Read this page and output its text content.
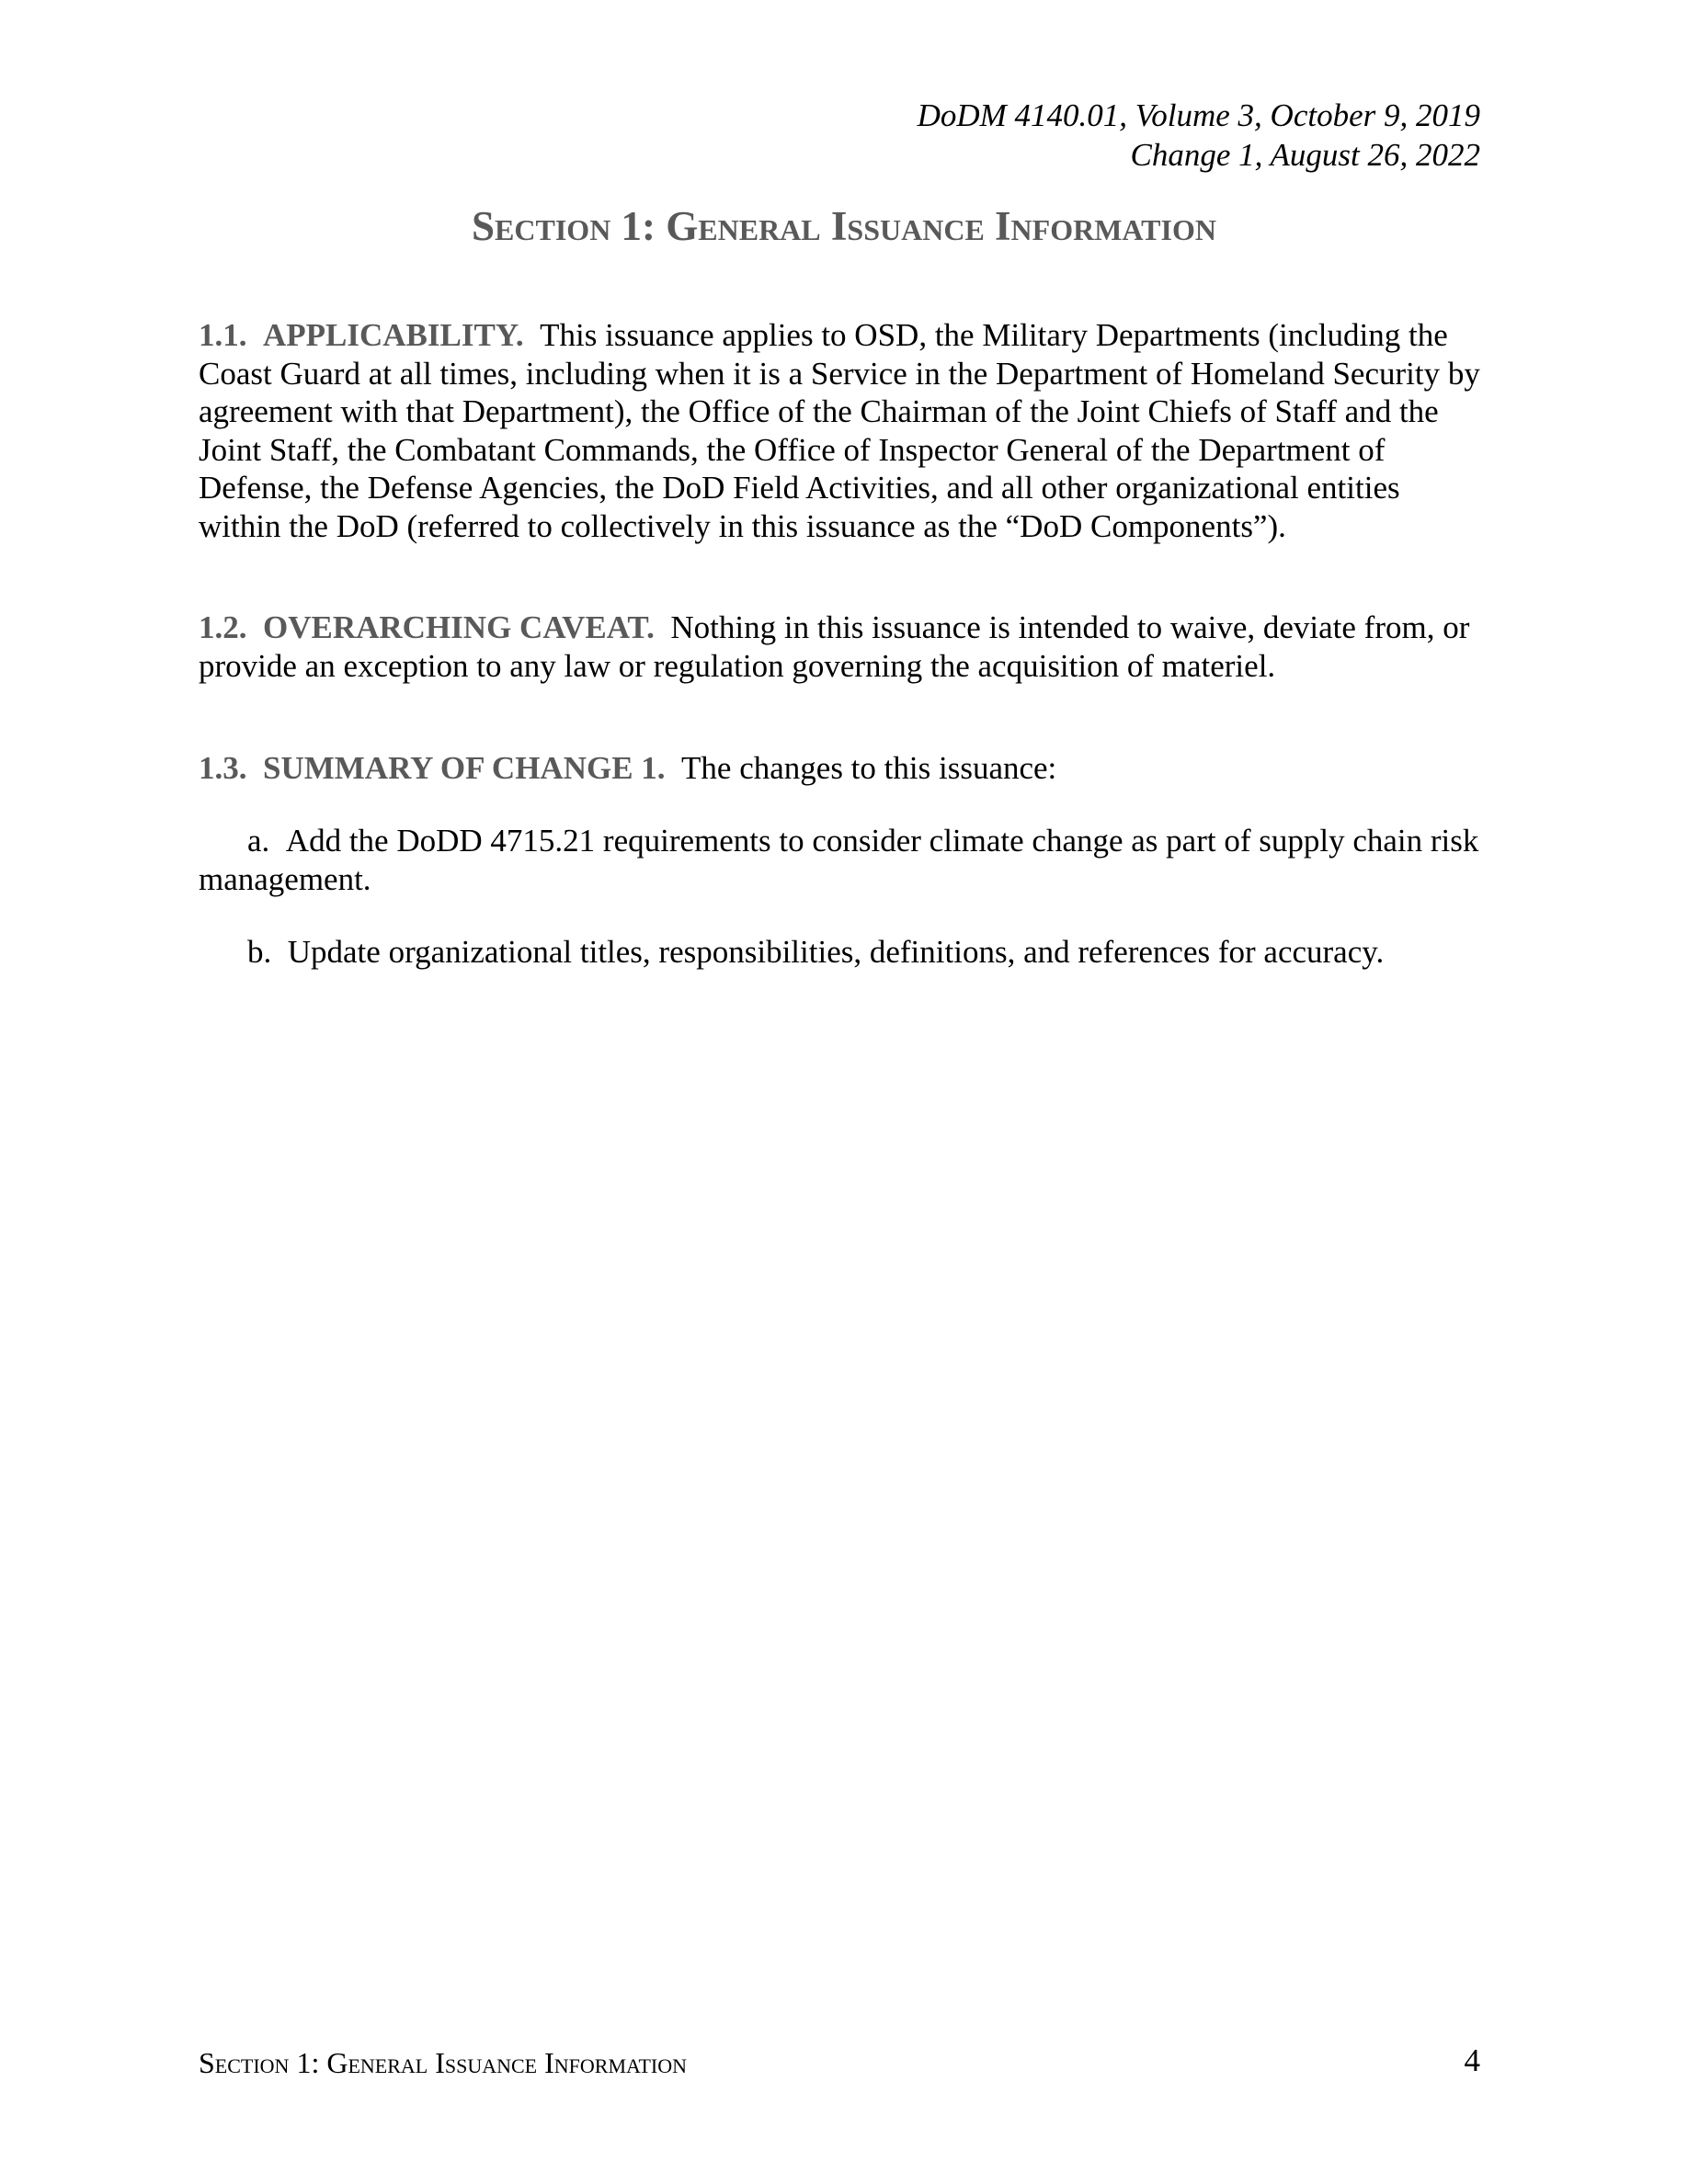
DoDM 4140.01, Volume 3, October 9, 2019
Change 1, August 26, 2022
Section 1: General Issuance Information
1.1. APPLICABILITY. This issuance applies to OSD, the Military Departments (including the Coast Guard at all times, including when it is a Service in the Department of Homeland Security by agreement with that Department), the Office of the Chairman of the Joint Chiefs of Staff and the Joint Staff, the Combatant Commands, the Office of Inspector General of the Department of Defense, the Defense Agencies, the DoD Field Activities, and all other organizational entities within the DoD (referred to collectively in this issuance as the “DoD Components”).
1.2. OVERARCHING CAVEAT. Nothing in this issuance is intended to waive, deviate from, or provide an exception to any law or regulation governing the acquisition of materiel.
1.3. SUMMARY OF CHANGE 1. The changes to this issuance:
a. Add the DoDD 4715.21 requirements to consider climate change as part of supply chain risk management.
b. Update organizational titles, responsibilities, definitions, and references for accuracy.
Section 1: General Issuance Information	4
